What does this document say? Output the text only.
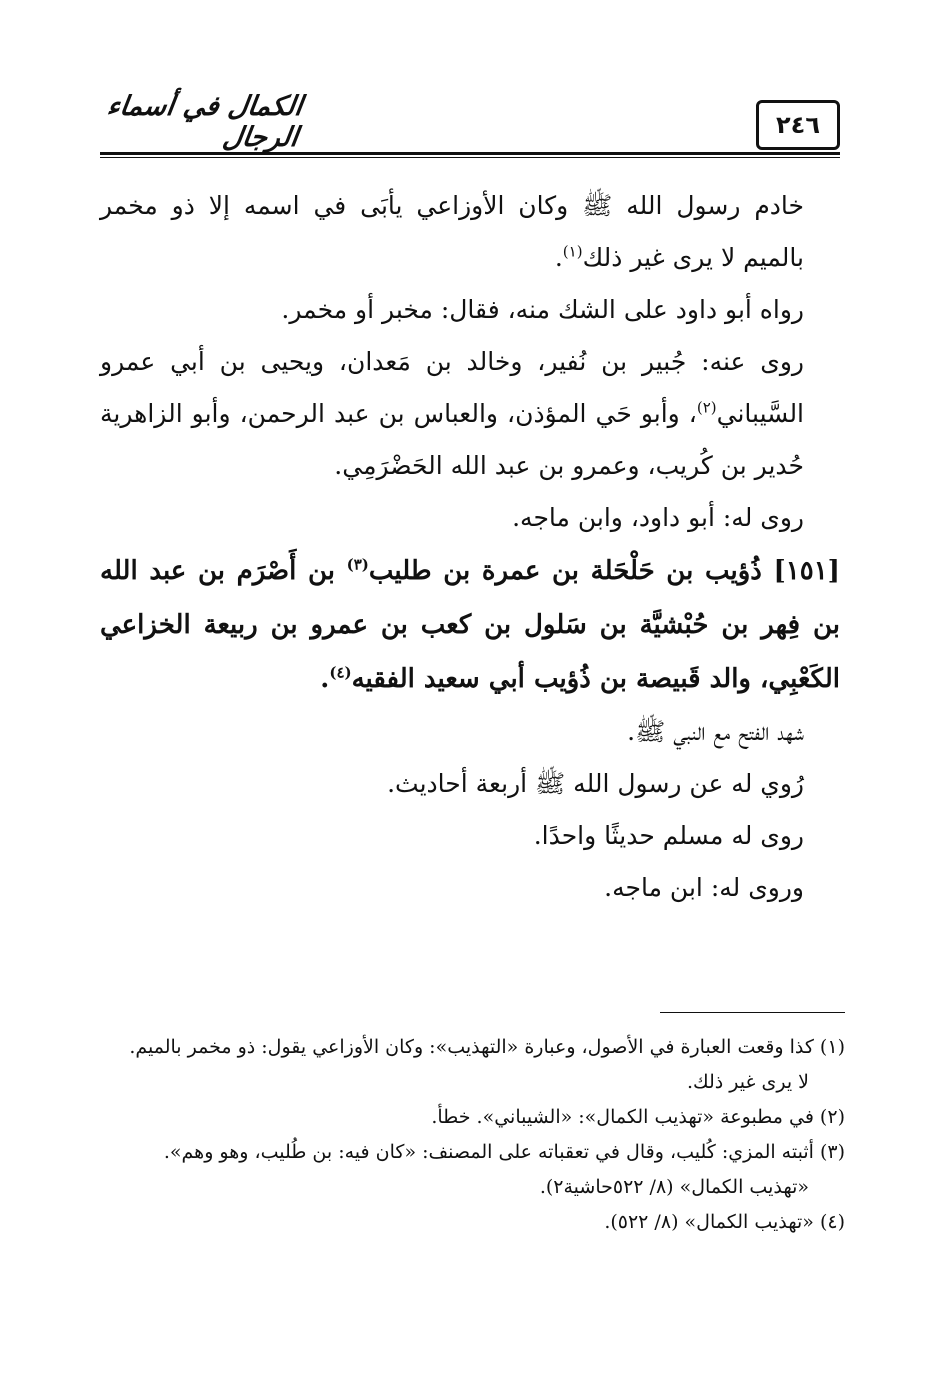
٢٤٦
الكمال في أسماء الرجال

خادم رسول الله ﷺ وكان الأوزاعي يأبَى في اسمه إلا ذو مخمر بالميم لا يرى غير ذلك$^{(١)}$.

رواه أبو داود على الشك منه، فقال: مخبر أو مخمر.

روى عنه: جُبير بن نُفير، وخالد بن مَعدان، ويحيى بن أبي عمرو السَّيباني$^{(٢)}$، وأبو حَي المؤذن، والعباس بن عبد الرحمن، وأبو الزاهرية حُدير بن كُريب، وعمرو بن عبد الله الحَضْرَمِي.

روى له: أبو داود، وابن ماجه.

[١٥١] ذُؤيب بن حَلْحَلة بن عمرة بن طليب$^{(٣)}$ بن أَصْرَم بن عبد الله بن فِهر بن حُبْشيَّة بن سَلول بن كعب بن عمرو بن ربيعة الخزاعي الكَعْبِي، والد قَبيصة بن ذُؤيب أبي سعيد الفقيه$^{(٤)}$.

شهد الفتح مع النبي ﷺ.

رُوي له عن رسول الله ﷺ أربعة أحاديث.

روى له مسلم حديثًا واحدًا.

وروى له: ابن ماجه.

(١) كذا وقعت العبارة في الأصول، وعبارة «التهذيب»: وكان الأوزاعي يقول: ذو مخمر بالميم.

لا يرى غير ذلك.

(٢) في مطبوعة «تهذيب الكمال»: «الشيباني». خطأ.

(٣) أثبته المزي: كُليب، وقال في تعقباته على المصنف: «كان فيه: بن طُليب، وهو وهم».

«تهذيب الكمال» (٨/ ٥٢٢حاشية٢).

(٤) «تهذيب الكمال» (٨/ ٥٢٢).
